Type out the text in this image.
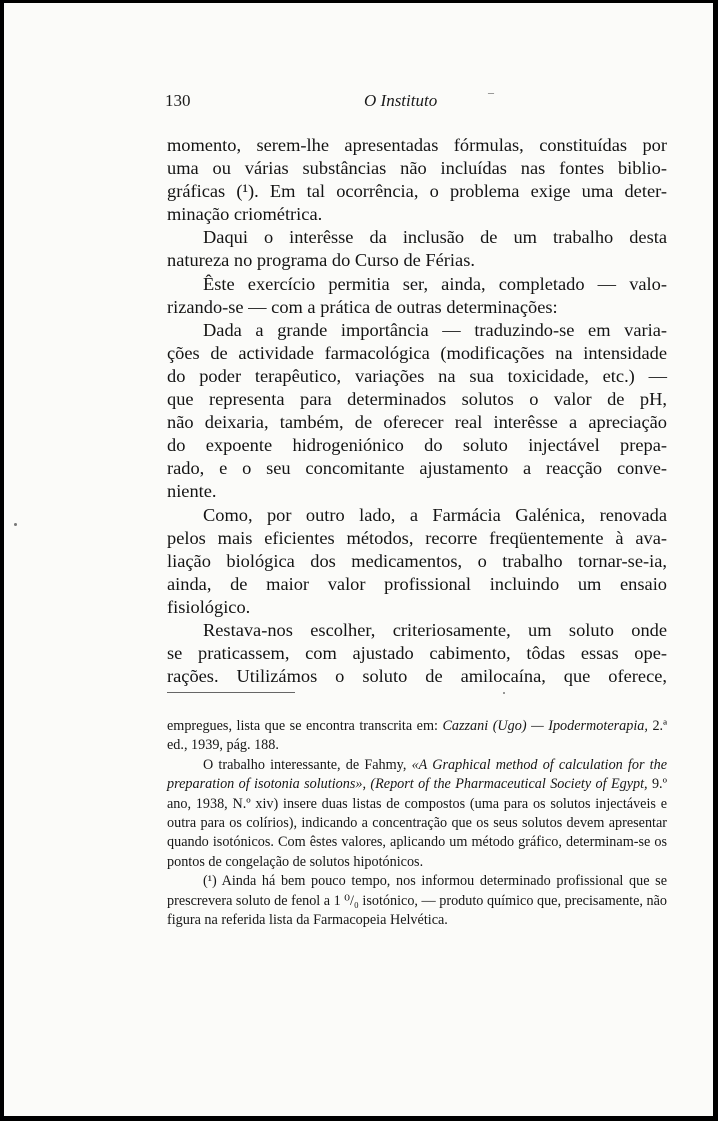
130	O Instituto	–
momento, serem-lhe apresentadas fórmulas, constituídas por
uma ou várias substâncias não incluídas nas fontes biblio-
gráficas (¹). Em tal ocorrência, o problema exige uma deter-
minação criométrica.
Daqui o interêsse da inclusão de um trabalho desta
natureza no programa do Curso de Férias.
Êste exercício permitia ser, ainda, completado — valo-
rizando-se — com a prática de outras determinações:
Dada a grande importância — traduzindo-se em varia-
ções de actividade farmacológica (modificações na intensidade
do poder terapêutico, variações na sua toxicidade, etc.) —
que representa para determinados solutos o valor de pH,
não deixaria, também, de oferecer real interêsse a apreciação
do expoente hidrogeniónico do soluto injectável prepa-
rado, e o seu concomitante ajustamento a reacção conve-
niente.
Como, por outro lado, a Farmácia Galénica, renovada
pelos mais eficientes métodos, recorre freqüentemente à ava-
liação biológica dos medicamentos, o trabalho tornar-se-ia,
ainda, de maior valor profissional incluindo um ensaio
fisiológico.
Restava-nos escolher, criteriosamente, um soluto onde
se praticassem, com ajustado cabimento, tôdas essas ope-
rações. Utilizámos o soluto de amilocaína, que oferece,
empregues, lista que se encontra transcrita em: Cazzani (Ugo) — Ipodermoterapia, 2.ª ed., 1939, pág. 188.
O trabalho interessante, de Fahmy, «A Graphical method of calculation for the preparation of isotonia solutions», (Report of the Pharmaceutical Society of Egypt, 9.º ano, 1938, N.º xiv) insere duas listas de compostos (uma para os solutos injectáveis e outra para os colírios), indicando a concentração que os seus solutos devem apresentar quando isotónicos. Com êstes valores, aplicando um método gráfico, determinam-se os pontos de congelação de solutos hipotónicos.
(¹) Ainda há bem pouco tempo, nos informou determinado profissional que se prescrevera soluto de fenol a 1 ⁰/₀ isotónico, — produto químico que, precisamente, não figura na referida lista da Farmacopeia Helvética.
